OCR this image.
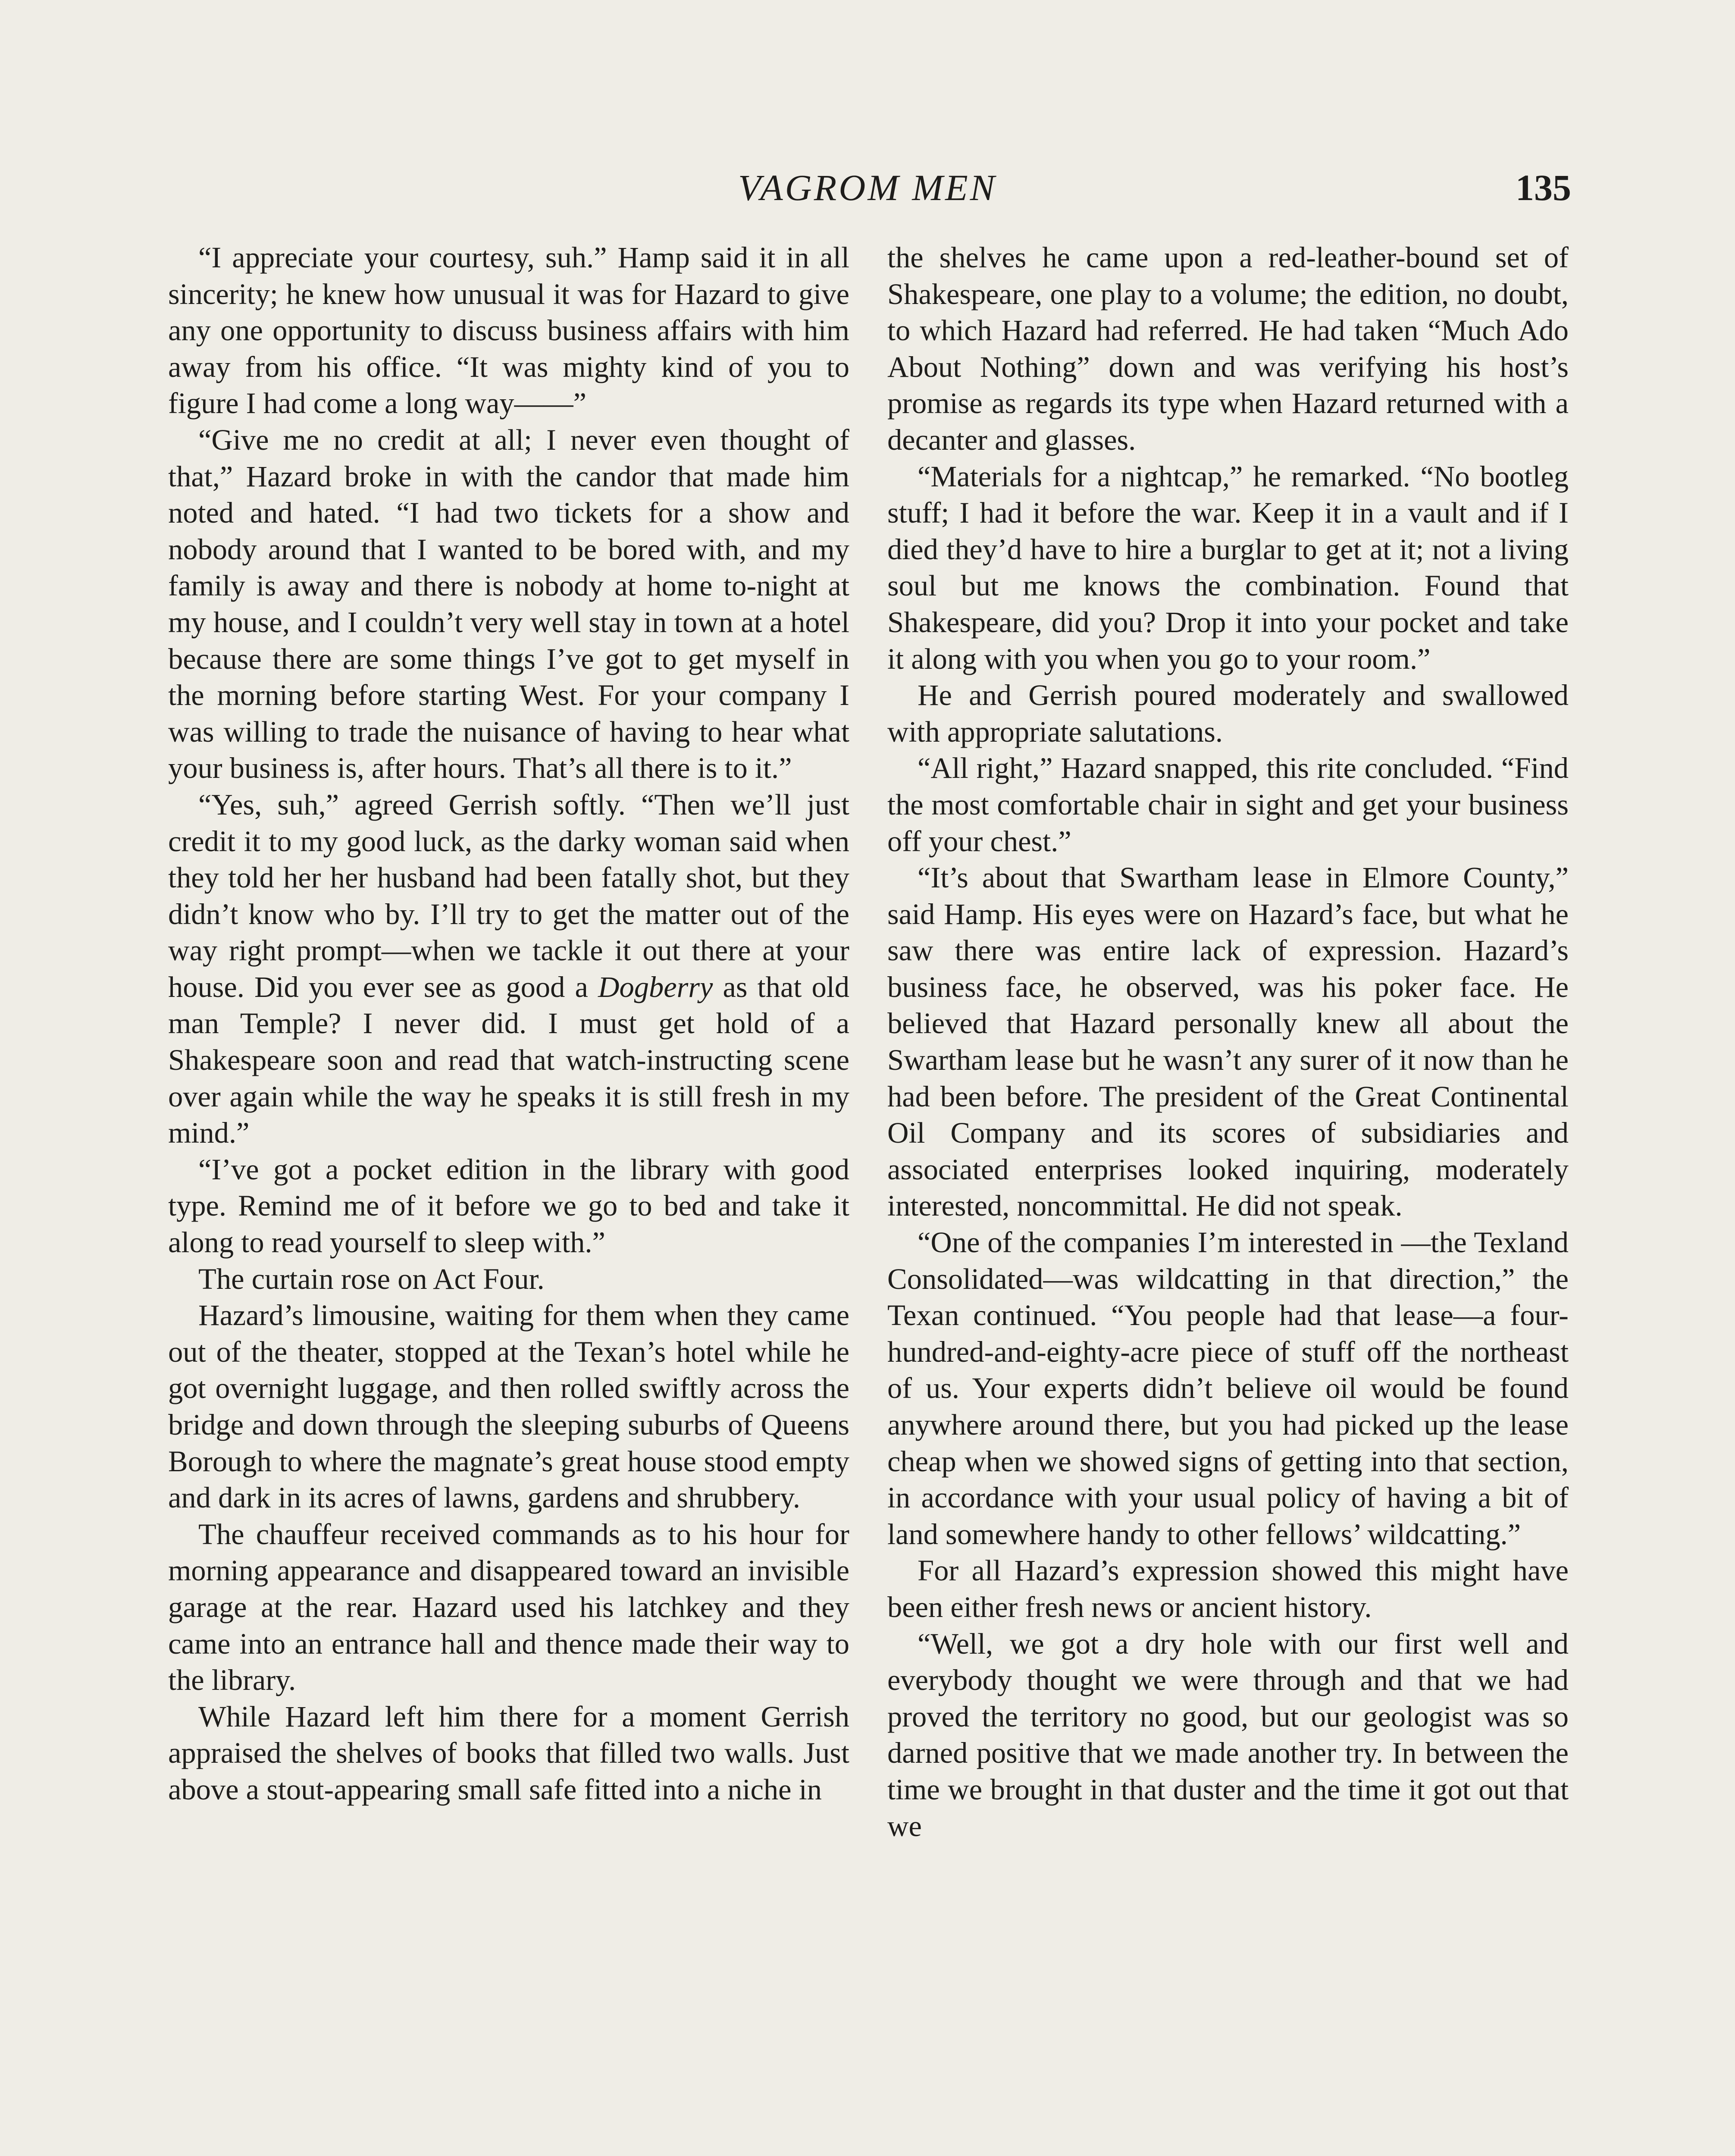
VAGROM MEN	135

“I appreciate your courtesy, suh.” Hamp said it in all sincerity; he knew how unusual it was for Hazard to give any one opportunity to discuss business affairs with him away from his office. “It was mighty kind of you to figure I had come a long way——”

“Give me no credit at all; I never even thought of that,” Hazard broke in with the candor that made him noted and hated. “I had two tickets for a show and nobody around that I wanted to be bored with, and my family is away and there is nobody at home to-night at my house, and I couldn’t very well stay in town at a hotel because there are some things I’ve got to get myself in the morning before starting West. For your company I was willing to trade the nuisance of having to hear what your business is, after hours. That’s all there is to it.”

“Yes, suh,” agreed Gerrish softly. “Then we’ll just credit it to my good luck, as the darky woman said when they told her her husband had been fatally shot, but they didn’t know who by. I’ll try to get the matter out of the way right prompt—when we tackle it out there at your house. Did you ever see as good a Dogberry as that old man Temple? I never did. I must get hold of a Shakespeare soon and read that watch-instructing scene over again while the way he speaks it is still fresh in my mind.”

“I’ve got a pocket edition in the library with good type. Remind me of it before we go to bed and take it along to read yourself to sleep with.”

The curtain rose on Act Four.

Hazard’s limousine, waiting for them when they came out of the theater, stopped at the Texan’s hotel while he got overnight luggage, and then rolled swiftly across the bridge and down through the sleeping suburbs of Queens Borough to where the magnate’s great house stood empty and dark in its acres of lawns, gardens and shrubbery.

The chauffeur received commands as to his hour for morning appearance and disappeared toward an invisible garage at the rear. Hazard used his latchkey and they came into an entrance hall and thence made their way to the library.

While Hazard left him there for a moment Gerrish appraised the shelves of books that filled two walls. Just above a stout-appearing small safe fitted into a niche in

the shelves he came upon a red-leather-bound set of Shakespeare, one play to a volume; the edition, no doubt, to which Hazard had referred. He had taken “Much Ado About Nothing” down and was verifying his host’s promise as regards its type when Hazard returned with a decanter and glasses.

“Materials for a nightcap,” he remarked. “No bootleg stuff; I had it before the war. Keep it in a vault and if I died they’d have to hire a burglar to get at it; not a living soul but me knows the combination. Found that Shakespeare, did you? Drop it into your pocket and take it along with you when you go to your room.”

He and Gerrish poured moderately and swallowed with appropriate salutations.

“All right,” Hazard snapped, this rite concluded. “Find the most comfortable chair in sight and get your business off your chest.”

“It’s about that Swartham lease in Elmore County,” said Hamp. His eyes were on Hazard’s face, but what he saw there was entire lack of expression. Hazard’s business face, he observed, was his poker face. He believed that Hazard personally knew all about the Swartham lease but he wasn’t any surer of it now than he had been before. The president of the Great Continental Oil Company and its scores of subsidiaries and associated enterprises looked inquiring, moderately interested, noncommittal. He did not speak.

“One of the companies I’m interested in —the Texland Consolidated—was wildcatting in that direction,” the Texan continued. “You people had that lease—a four-hundred-and-eighty-acre piece of stuff off the northeast of us. Your experts didn’t believe oil would be found anywhere around there, but you had picked up the lease cheap when we showed signs of getting into that section, in accordance with your usual policy of having a bit of land somewhere handy to other fellows’ wildcatting.”

For all Hazard’s expression showed this might have been either fresh news or ancient history.

“Well, we got a dry hole with our first well and everybody thought we were through and that we had proved the territory no good, but our geologist was so darned positive that we made another try. In between the time we brought in that duster and the time it got out that we
